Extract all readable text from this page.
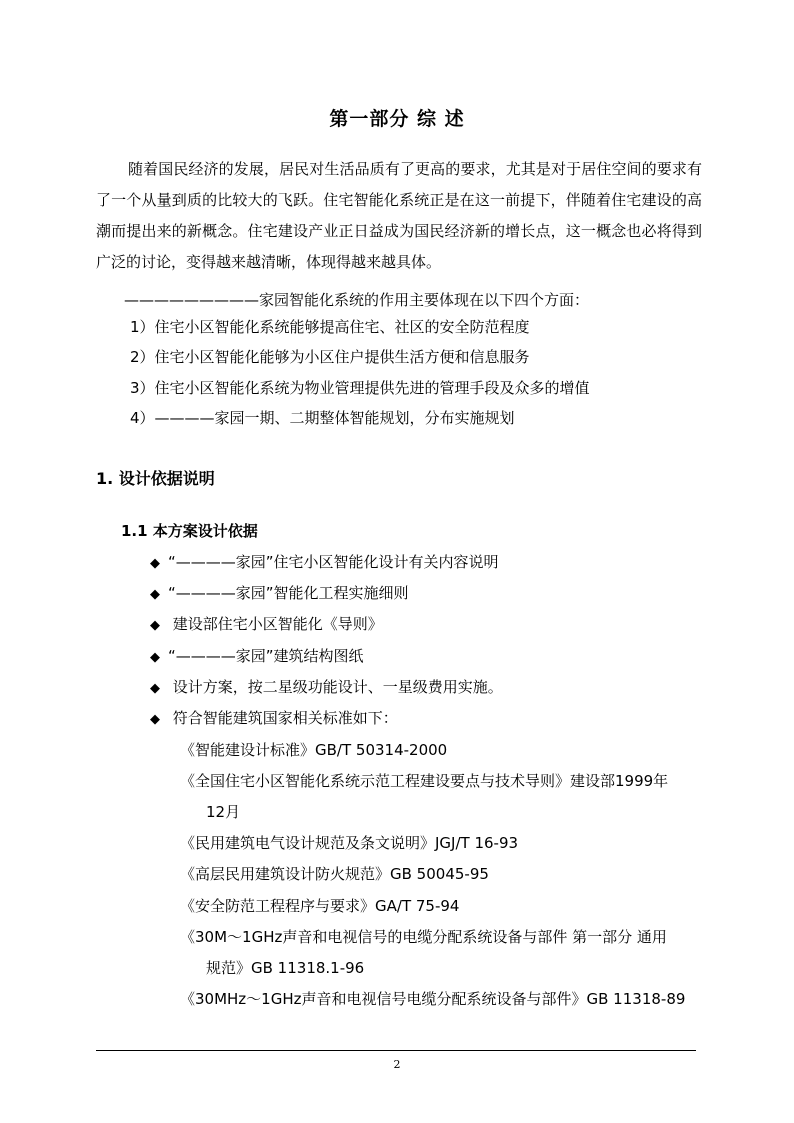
第一部分 综 述
随着国民经济的发展，居民对生活品质有了更高的要求，尤其是对于居住空间的要求有了一个从量到质的比较大的飞跃。住宅智能化系统正是在这一前提下，伴随着住宅建设的高潮而提出来的新概念。住宅建设产业正日益成为国民经济新的增长点，这一概念也必将得到广泛的讨论，变得越来越清晰，体现得越来越具体。
—————————家园智能化系统的作用主要体现在以下四个方面：
1）住宅小区智能化系统能够提高住宅、社区的安全防范程度
2）住宅小区智能化能够为小区住户提供生活方便和信息服务
3）住宅小区智能化系统为物业管理提供先进的管理手段及众多的增值
4）————家园一期、二期整体智能规划，分布实施规划
1. 设计依据说明
1.1 本方案设计依据
◆ “————家园”住宅小区智能化设计有关内容说明
◆ “————家园”智能化工程实施细则
◆ 建设部住宅小区智能化《导则》
◆ “————家园”建筑结构图纸
◆ 设计方案，按二星级功能设计、一星级费用实施。
◆ 符合智能建筑国家相关标准如下：
《智能建设计标准》GB/T 50314-2000
《全国住宅小区智能化系统示范工程建设要点与技术导则》建设部1999年
12月
《民用建筑电气设计规范及条文说明》JGJ/T 16-93
《高层民用建筑设计防火规范》GB 50045-95
《安全防范工程程序与要求》GA/T 75-94
《30M～1GHz声音和电视信号的电缆分配系统设备与部件 第一部分 通用
规范》GB 11318.1-96
《30MHz～1GHz声音和电视信号电缆分配系统设备与部件》GB 11318-89
2
